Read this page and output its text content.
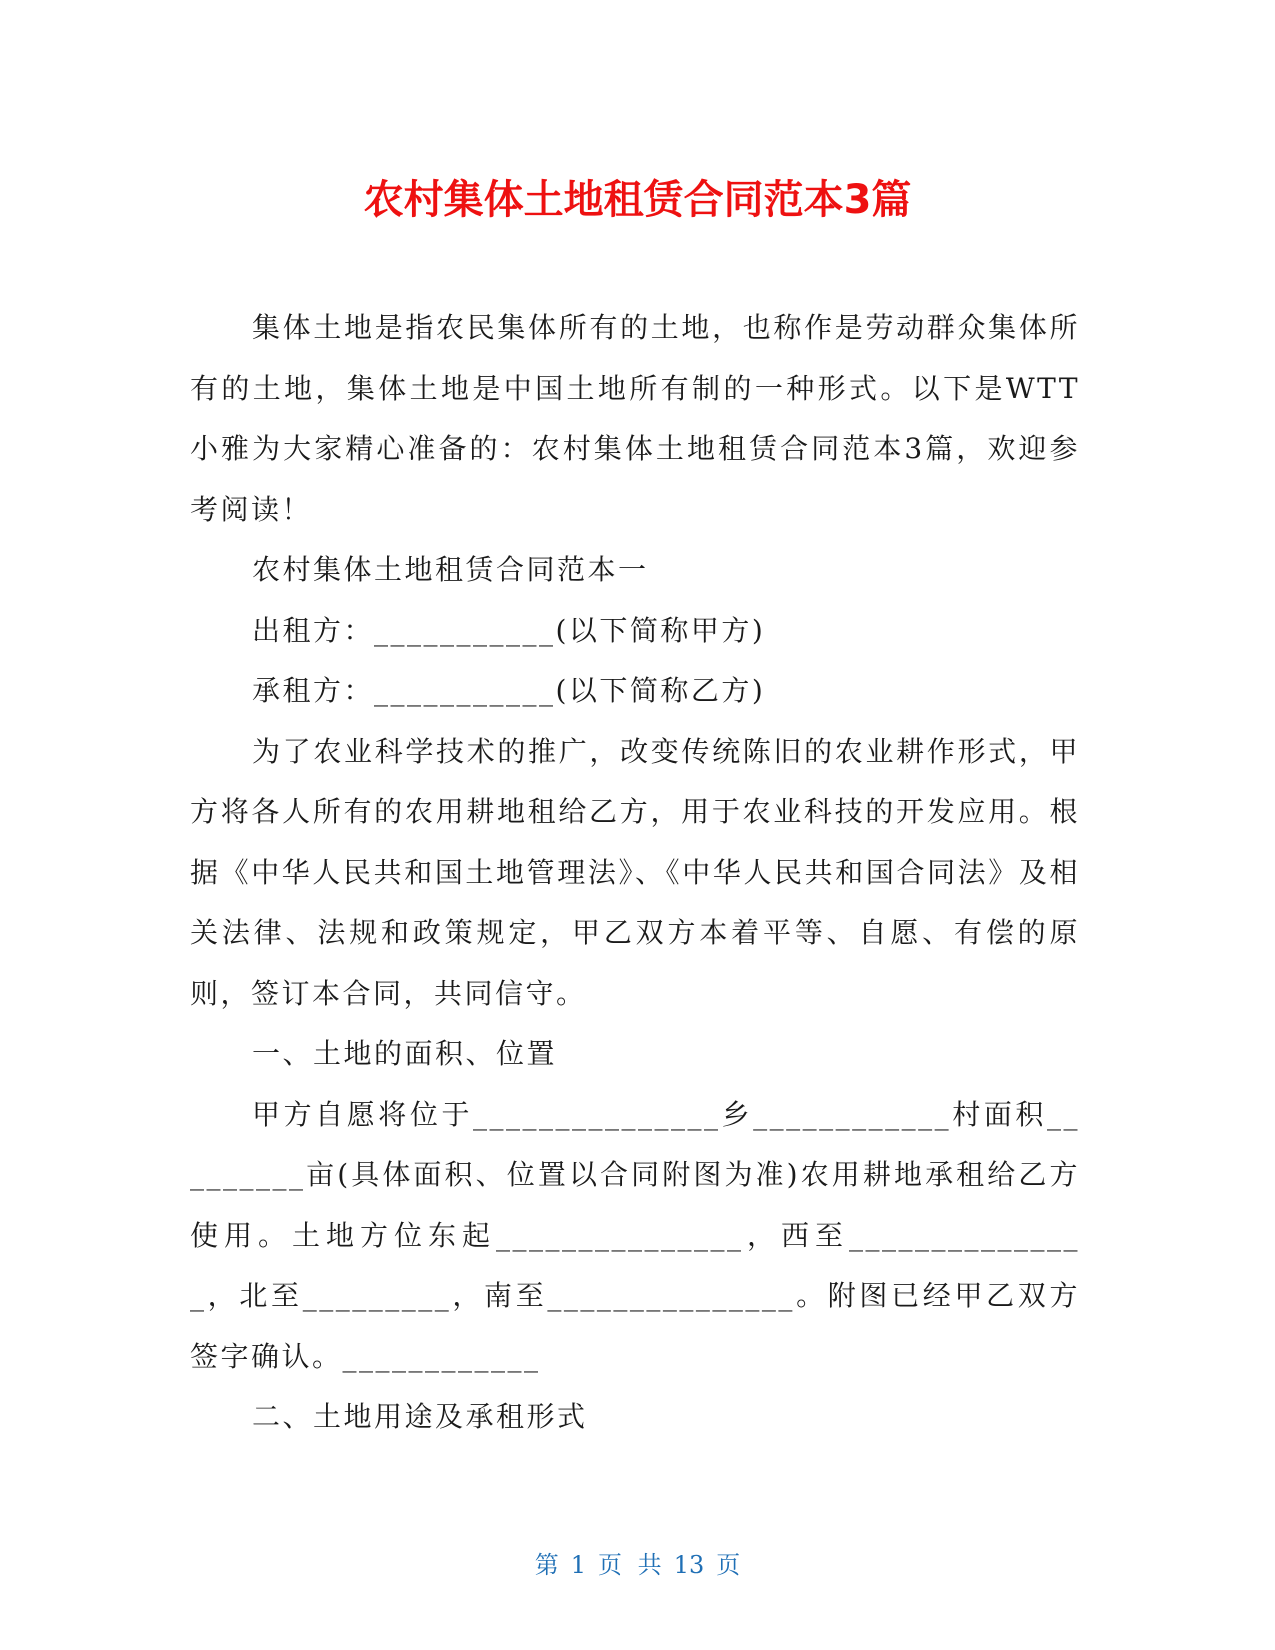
农村集体土地租赁合同范本3篇

集体土地是指农民集体所有的土地，也称作是劳动群众集体所有的土地，集体土地是中国土地所有制的一种形式。以下是WTT小雅为大家精心准备的：农村集体土地租赁合同范本3篇，欢迎参考阅读！

农村集体土地租赁合同范本一

出租方：___________(以下简称甲方)

承租方：___________(以下简称乙方)

为了农业科学技术的推广，改变传统陈旧的农业耕作形式，甲方将各人所有的农用耕地租给乙方，用于农业科技的开发应用。根据《中华人民共和国土地管理法》、《中华人民共和国合同法》及相关法律、法规和政策规定，甲乙双方本着平等、自愿、有偿的原则，签订本合同，共同信守。

一、土地的面积、位置

甲方自愿将位于_______________乡____________村面积_________亩(具体面积、位置以合同附图为准)农用耕地承租给乙方使用。土地方位东起_______________，西至_______________，北至_________，南至_______________。附图已经甲乙双方签字确认。____________

二、土地用途及承租形式

第 1 页 共 13 页
